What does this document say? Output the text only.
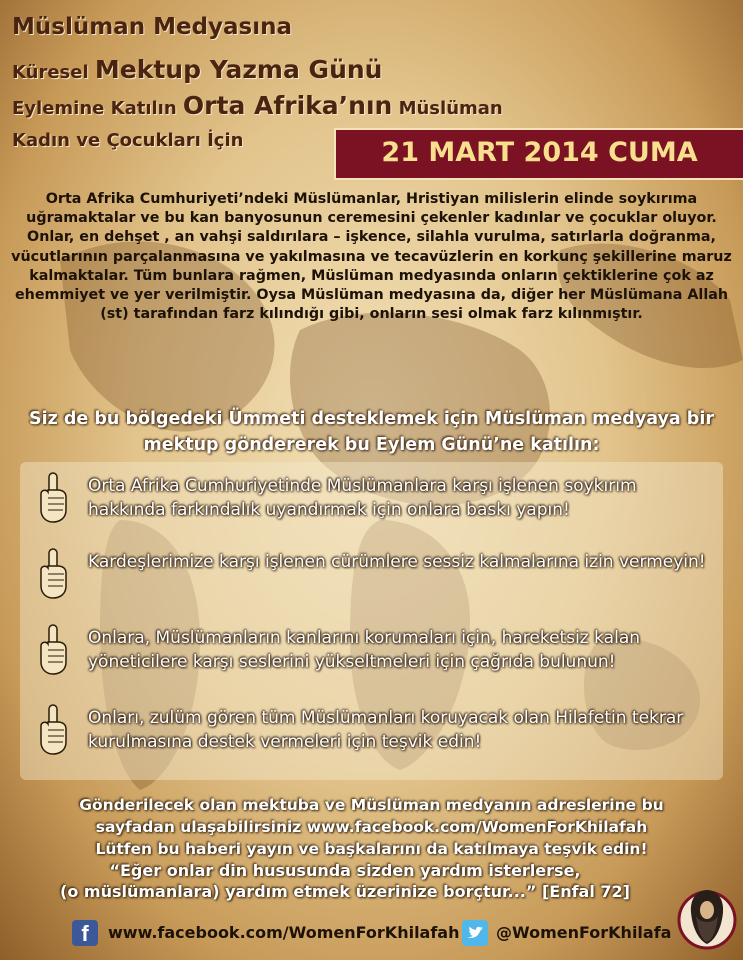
Müslüman Medyasına
Küresel Mektup Yazma Günü
Eylemine Katılın Orta Afrika’nın Müslüman
Kadın ve Çocukları İçin	21 MART 2014 CUMA
Orta Afrika Cumhuriyeti’ndeki Müslümanlar, Hristiyan milislerin elinde soykırıma uğramaktalar ve bu kan banyosunun ceremesini çekenler kadınlar ve çocuklar oluyor. Onlar, en dehşet , an vahşi saldırılara – işkence, silahla vurulma, satırlarla doğranma, vücutlarının parçalanmasına ve yakılmasına ve tecavüzlerin en korkunç şekillerine maruz kalmaktalar. Tüm bunlara rağmen, Müslüman medyasında onların çektiklerine çok az ehemmiyet ve yer verilmiştir. Oysa Müslüman medyasına da, diğer her Müslümana Allah (st) tarafından farz kılındığı gibi, onların sesi olmak farz kılınmıştır.
Siz de bu bölgedeki Ümmeti desteklemek için Müslüman medyaya bir mektup göndererek bu Eylem Günü’ne katılın:
Orta Afrika Cumhuriyetinde Müslümanlara karşı işlenen soykırım hakkında farkındalık uyandırmak için onlara baskı yapın!
Kardeşlerimize karşı işlenen cürümlere sessiz kalmalarına izin vermeyin!
Onlara, Müslümanların kanlarını korumaları için, hareketsiz kalan yöneticilere karşı seslerini yükseltmeleri için çağrıda bulunun!
Onları, zulüm gören tüm Müslümanları koruyacak olan Hilafetin tekrar kurulmasına destek vermeleri için teşvik edin!
Gönderilecek olan mektuba ve Müslüman medyanın adreslerine bu
sayfadan ulaşabilirsiniz www.facebook.com/WomenForKhilafah
Lütfen bu haberi yayın ve başkalarını da katılmaya teşvik edin!
“Eğer onlar din hususunda sizden yardım isterlerse,
(o müslümanlara) yardım etmek üzerinize borçtur...” [Enfal 72]
f	www.facebook.com/WomenForKhilafah @WomenForKhilafa
